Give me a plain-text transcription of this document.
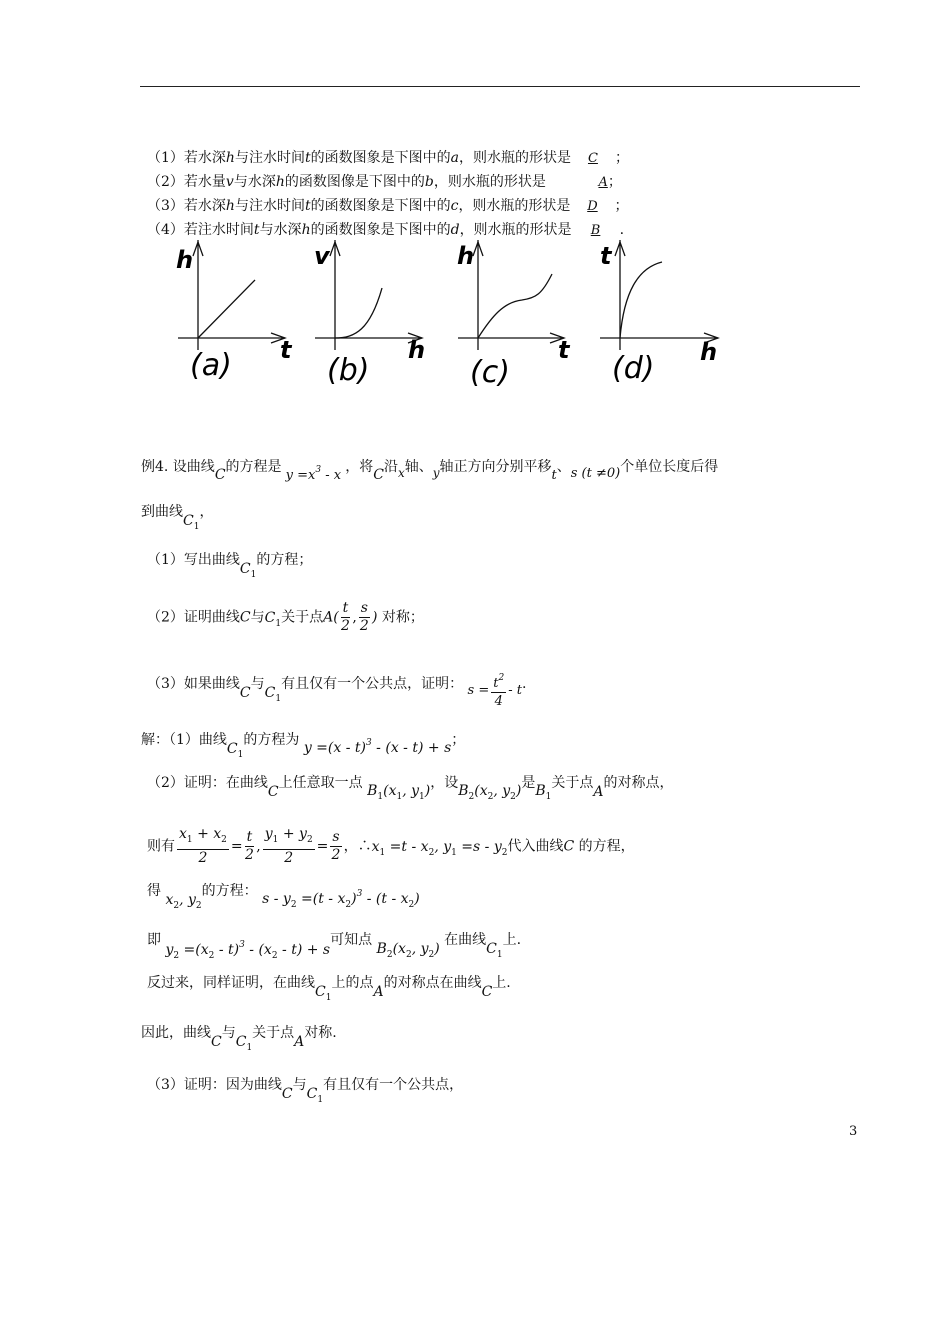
（1）若水深h与注水时间t的函数图象是下图中的a，则水瓶的形状是 C ；
（2）若水量v与水深h的函数图像是下图中的b，则水瓶的形状是	A；
（3）若水深h与注水时间t的函数图象是下图中的c，则水瓶的形状是 D ；
（4）若注水时间t与水深h的函数图象是下图中的d，则水瓶的形状是 B .
h
t
(a)
v
h
(b)
h
t
(c)
t
h
(d)
例4. 设曲线C的方程是 $y =x^3 - x$ ，将C沿x轴、y轴正方向分别平移t、s (t ≠0)个单位长度后得
到曲线$C_1$，
（1）写出曲线$C_1$的方程；
（2）证明曲线C与$C_1$关于点$A( \frac{t}{2}$ , $\frac{s}{2}$ ) 对称；
（3）如果曲线C与$C_1$有且仅有一个公共点，证明： $s = \frac{t^2}{4} - t$.
解：（1）曲线$C_1$的方程为 y =(x - t)$^3$ - (x - t) + s；
（2）证明：在曲线C上任意取一点 $B_1(x_1$, $y_1$)，设$B_2(x_2$, $y_2$)是$B_1$关于点A的对称点，
则有 $\frac{x_1 + x_2}{2} = \frac{t}{2}$ , $\frac{y_1 + y_2}{2} = \frac{s}{2}$ ，$\therefore x_1 =t - x_2$, $y_1 =s - y_2$代入曲线C 的方程，
得 $x_2$, $y_2$的方程： $s - y_2 =(t - x_2)^3 - (t - x_2)$
即 $y_2 =(x_2 - t)^3 - (x_2 - t) + s$可知点 $B_2(x_2$, $y_2$) 在曲线$C_1$上.
反过来，同样证明，在曲线$C_1$上的点A的对称点在曲线C上.
因此，曲线C与$C_1$关于点A对称.
（3）证明：因为曲线C与$C_1$有且仅有一个公共点，
3
